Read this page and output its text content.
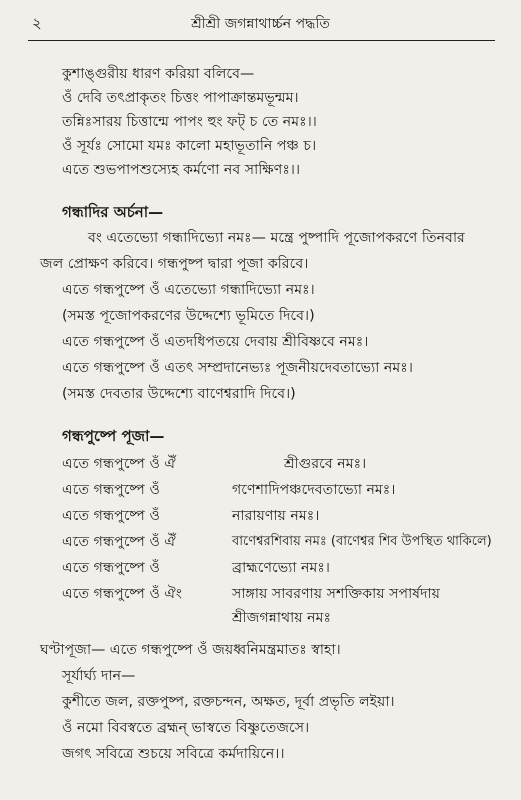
২	শ্রীশ্রী জগন্নাথার্চ্চন পদ্ধতি
কুশাঙ্গুরীয় ধারণ করিয়া বলিবে—
ওঁ দেবি তৎপ্রাকৃতং চিত্তং পাপাক্রান্তমভূন্মম।
তন্নিঃসারয় চিত্তান্মে পাপং হুং ফট্ চ তে নমঃ।।
ওঁ সূর্যঃ সোমো যমঃ কালো মহাভূতানি পঞ্চ চ।
এতে শুভপাপশুস্যেহ কর্মণো নব সাক্ষিণঃ।।
গন্ধাদির অর্চনা—
বং এতেভ্যো গন্ধাদিভ্যো নমঃ— মন্ত্রে পুষ্পাদি পূজোপকরণে তিনবার
জল প্রোক্ষণ করিবে। গন্ধপুষ্প দ্বারা পূজা করিবে।
এতে গন্ধপুষ্পে ওঁ এতেভ্যো গন্ধাদিভ্যো নমঃ।
(সমস্ত পূজোপকরণের উদ্দেশ্যে ভূমিতে দিবে।)
এতে গন্ধপুষ্পে ওঁ এতদধিপতয়ে দেবায় শ্রীবিষ্ণবে নমঃ।
এতে গন্ধপুষ্পে ওঁ এতৎ সম্প্রদানেভ্যঃ পূজনীয়দেবতাভ্যো নমঃ।
(সমস্ত দেবতার উদ্দেশ্যে বাণেশ্বরাদি দিবে।)
গন্ধপুষ্পে পূজা—
এতে গন্ধপুষ্পে ওঁ ঐঁ	শ্রীগুরবে নমঃ।
এতে গন্ধপুষ্পে ওঁ	গণেশাদিপঞ্চদেবতাভ্যো নমঃ।
এতে গন্ধপুষ্পে ওঁ	নারায়ণায় নমঃ।
এতে গন্ধপুষ্পে ওঁ ঐঁ	বাণেশ্বরশিবায় নমঃ (বাণেশ্বর শিব উপস্থিত থাকিলে)
এতে গন্ধপুষ্পে ওঁ	ব্রাহ্মণেভ্যো নমঃ।
এতে গন্ধপুষ্পে ওঁ ঐং	সাঙ্গায় সাবরণায় সশক্তিকায় সপার্ষদায়
শ্রীজগন্নাথায় নমঃ
ঘণ্টাপূজা— এতে গন্ধপুষ্পে ওঁ জয়ধ্বনিমন্ত্রমাতঃ স্বাহা।
সূর্যার্ঘ্য দান—
কুশীতে জল, রক্তপুষ্প, রক্তচন্দন, অক্ষত, দূর্বা প্রভৃতি লইয়া।
ওঁ নমো বিবস্বতে ব্রহ্মন্ ভাস্বতে বিষ্ণুতেজসে।
জগৎ সবিত্রে শুচয়ে সবিত্রে কর্মদায়িনে।।
